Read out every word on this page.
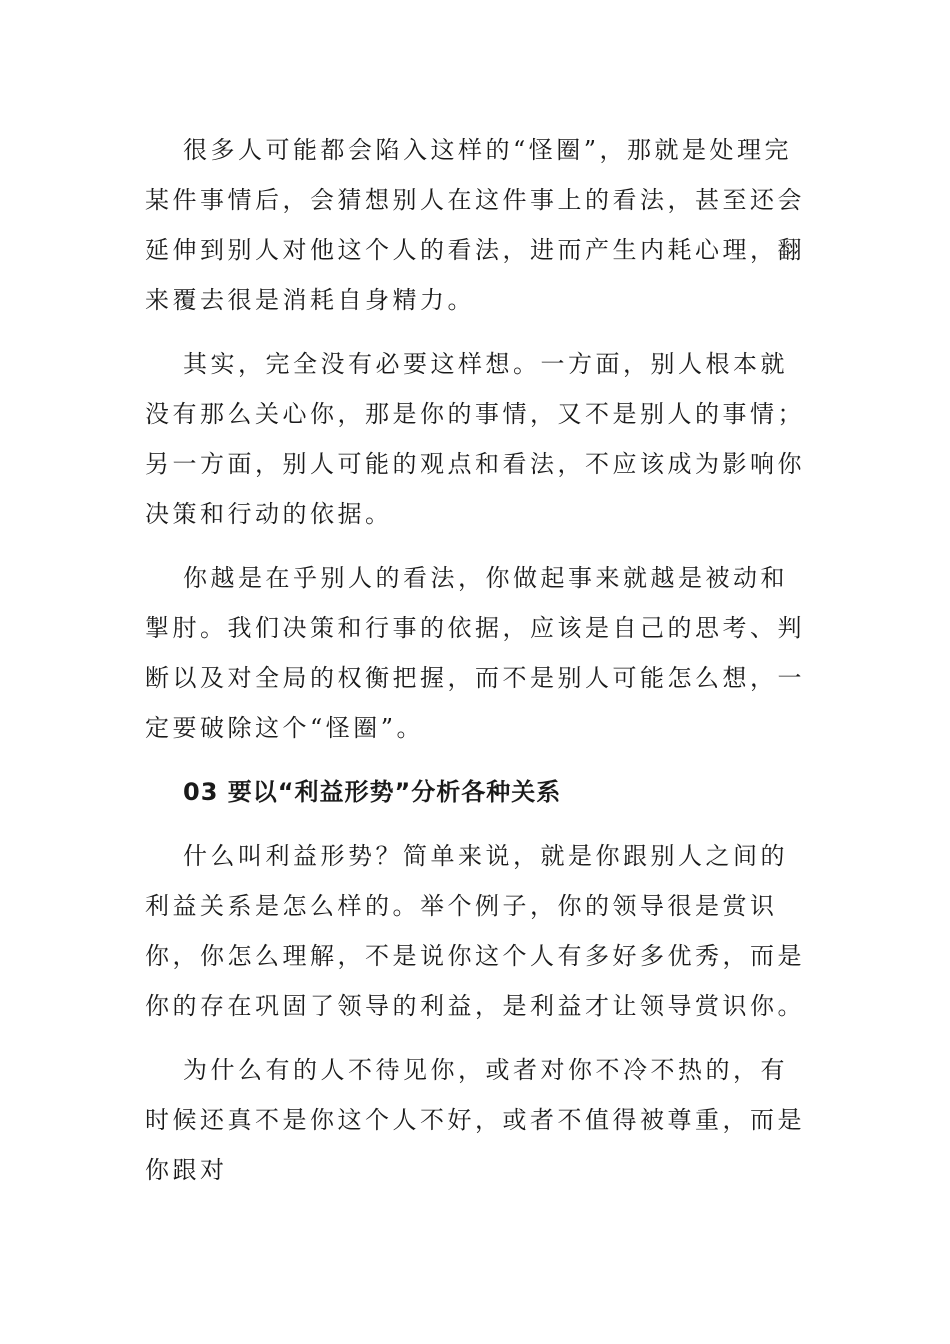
很多人可能都会陷入这样的“怪圈”，那就是处理完某件事情后，会猜想别人在这件事上的看法，甚至还会延伸到别人对他这个人的看法，进而产生内耗心理，翻来覆去很是消耗自身精力。

其实，完全没有必要这样想。一方面，别人根本就没有那么关心你，那是你的事情，又不是别人的事情；另一方面，别人可能的观点和看法，不应该成为影响你决策和行动的依据。

你越是在乎别人的看法，你做起事来就越是被动和掣肘。我们决策和行事的依据，应该是自己的思考、判断以及对全局的权衡把握，而不是别人可能怎么想，一定要破除这个“怪圈”。

03 要以“利益形势”分析各种关系

什么叫利益形势？简单来说，就是你跟别人之间的利益关系是怎么样的。举个例子，你的领导很是赏识你，你怎么理解，不是说你这个人有多好多优秀，而是你的存在巩固了领导的利益，是利益才让领导赏识你。

为什么有的人不待见你，或者对你不冷不热的，有时候还真不是你这个人不好，或者不值得被尊重，而是你跟对
